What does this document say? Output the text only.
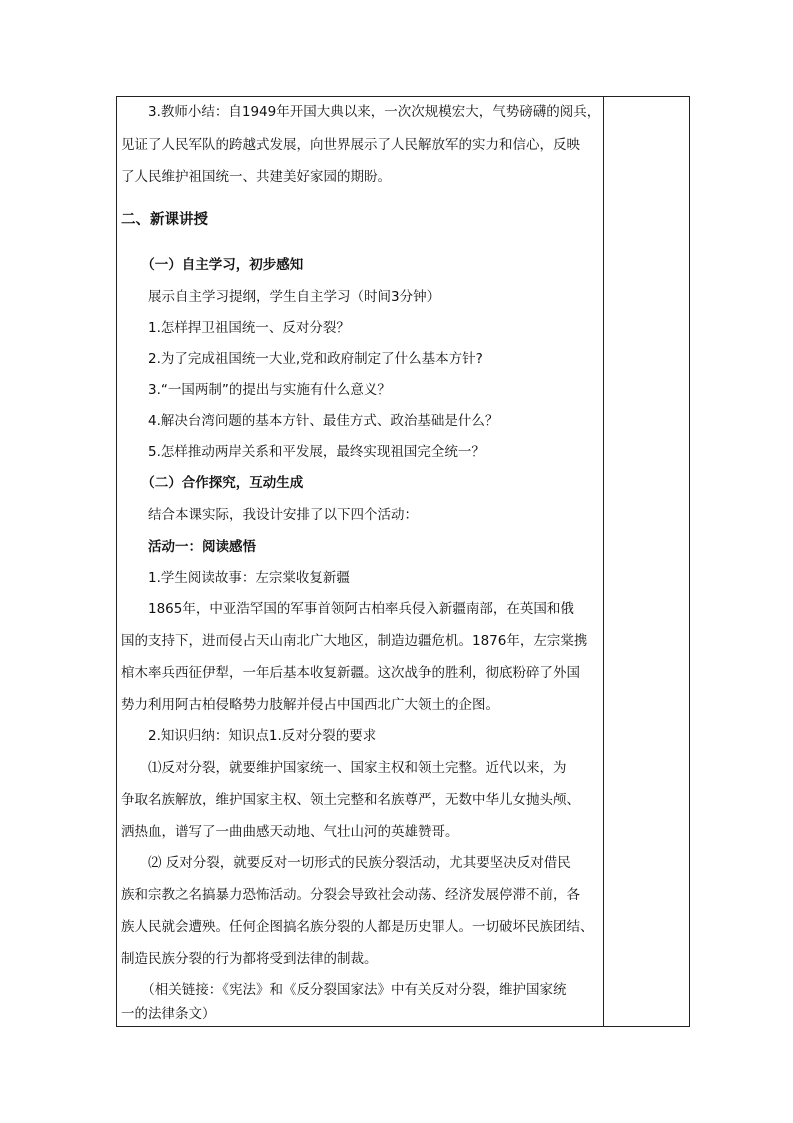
　　3.教师小结：自1949年开国大典以来，一次次规模宏大，气势磅礴的阅兵，
见证了人民军队的跨越式发展，向世界展示了人民解放军的实力和信心，反映
了人民维护祖国统一、共建美好家园的期盼。
二、新课讲授
　　（一）自主学习，初步感知
　　展示自主学习提纲，学生自主学习（时间3分钟）
　　1.怎样捍卫祖国统一、反对分裂？
　　2.为了完成祖国统一大业,党和政府制定了什么基本方针?
　　3.“一国两制”的提出与实施有什么意义？
　　4.解决台湾问题的基本方针、最佳方式、政治基础是什么？
　　5.怎样推动两岸关系和平发展，最终实现祖国完全统一？
　　（二）合作探究，互动生成
　　结合本课实际，我设计安排了以下四个活动：
　　活动一：阅读感悟
　　1.学生阅读故事：左宗棠收复新疆
　　1865年，中亚浩罕国的军事首领阿古柏率兵侵入新疆南部，在英国和俄
国的支持下，进而侵占天山南北广大地区，制造边疆危机。1876年，左宗棠携
棺木率兵西征伊犁，一年后基本收复新疆。这次战争的胜利，彻底粉碎了外国
势力利用阿古柏侵略势力肢解并侵占中国西北广大领土的企图。
　　2.知识归纳：知识点1.反对分裂的要求
　　⑴反对分裂，就要维护国家统一、国家主权和领土完整。近代以来，为
争取名族解放，维护国家主权、领土完整和名族尊严，无数中华儿女抛头颅、
洒热血，谱写了一曲曲感天动地、气壮山河的英雄赞哥。
　　⑵ 反对分裂，就要反对一切形式的民族分裂活动，尤其要坚决反对借民
族和宗教之名搞暴力恐怖活动。分裂会导致社会动荡、经济发展停滞不前，各
族人民就会遭殃。任何企图搞名族分裂的人都是历史罪人。一切破坏民族团结、
制造民族分裂的行为都将受到法律的制裁。
　　（相关链接：《宪法》和《反分裂国家法》中有关反对分裂，维护国家统
一的法律条文）
